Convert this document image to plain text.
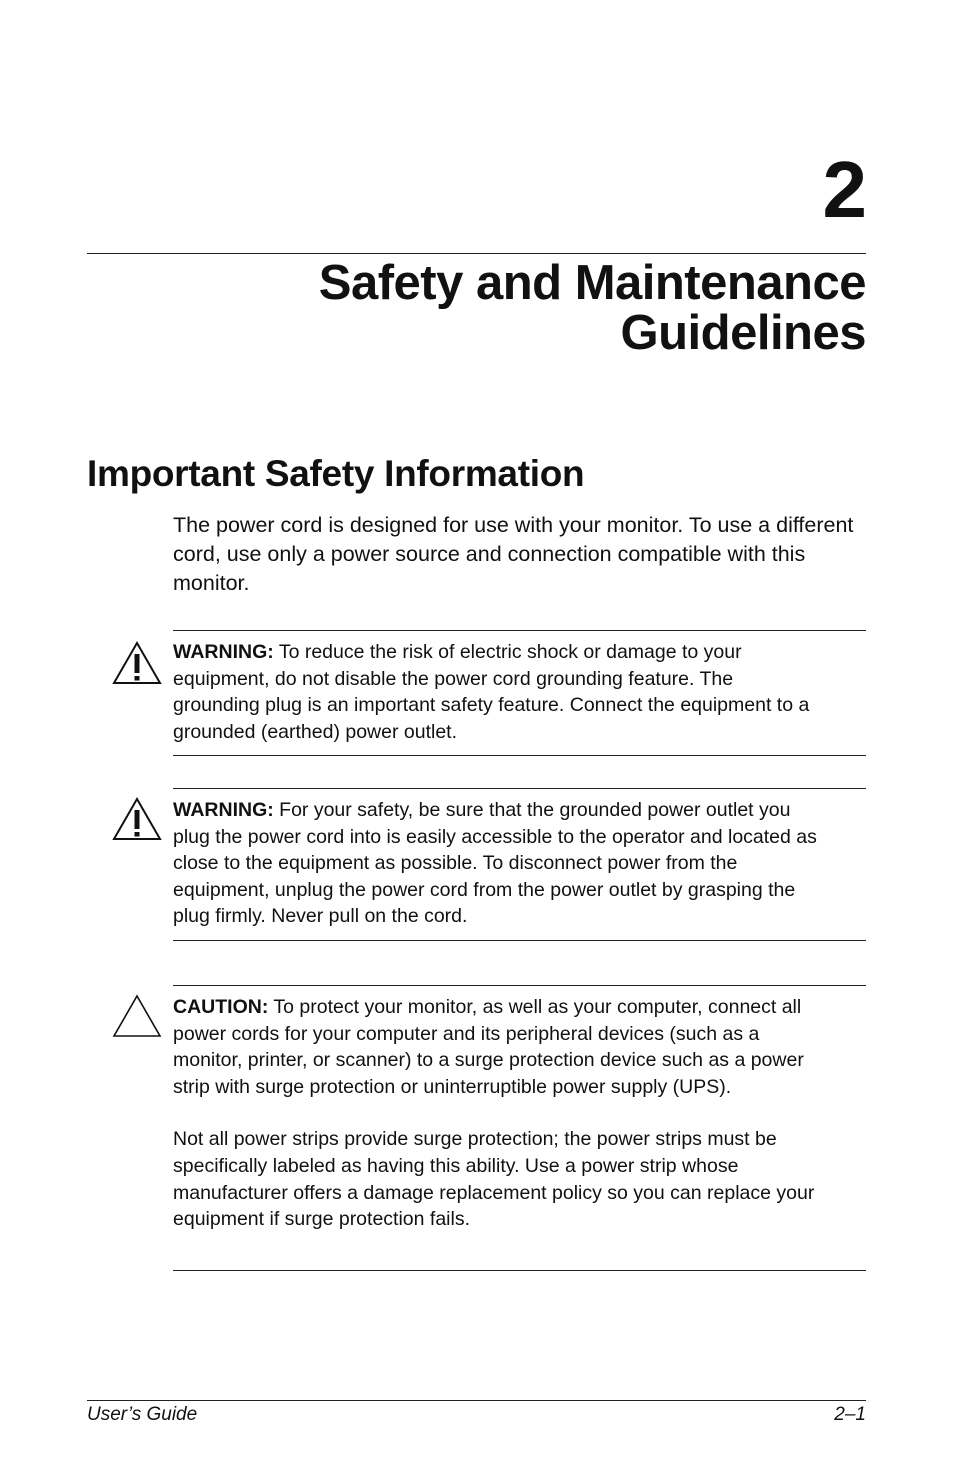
2
Safety and Maintenance
Guidelines
Important Safety Information

The power cord is designed for use with your monitor. To use a different cord, use only a power source and connection compatible with this monitor.

WARNING: To reduce the risk of electric shock or damage to your equipment, do not disable the power cord grounding feature. The grounding plug is an important safety feature. Connect the equipment to a grounded (earthed) power outlet.

WARNING: For your safety, be sure that the grounded power outlet you plug the power cord into is easily accessible to the operator and located as close to the equipment as possible. To disconnect power from the equipment, unplug the power cord from the power outlet by grasping the plug firmly. Never pull on the cord.

CAUTION: To protect your monitor, as well as your computer, connect all power cords for your computer and its peripheral devices (such as a monitor, printer, or scanner) to a surge protection device such as a power strip with surge protection or uninterruptible power supply (UPS).

Not all power strips provide surge protection; the power strips must be specifically labeled as having this ability. Use a power strip whose manufacturer offers a damage replacement policy so you can replace your equipment if surge protection fails.

User’s Guide	2–1
